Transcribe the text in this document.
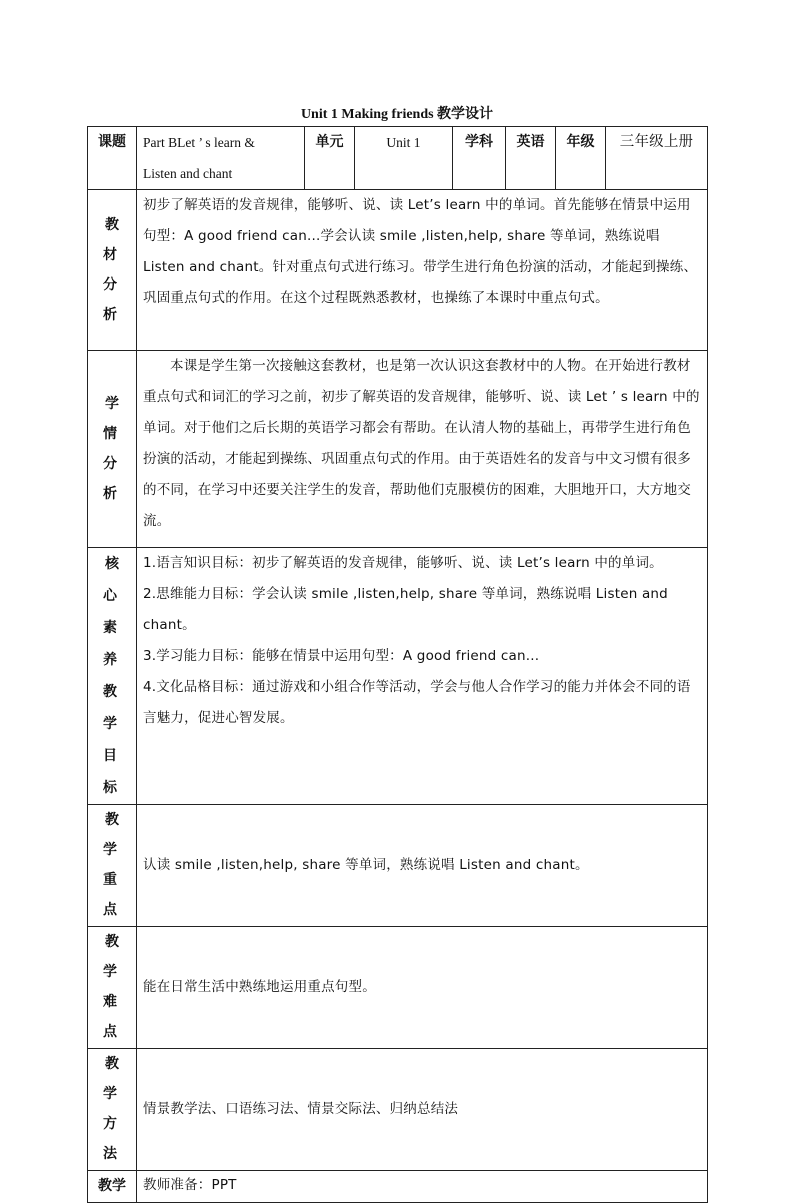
Unit 1 Making friends 教学设计
课题	Part BLet ’ s learn &
Listen and chant	单元	Unit 1	学科	英语	年级	三年级上册
教材分析	初步了解英语的发音规律，能够听、说、读 Let’s learn 中的单词。首先能够在情景中运用句型：A good friend can...学会认读 smile ,listen,help, share 等单词，熟练说唱 Listen and chant。针对重点句式进行练习。带学生进行角色扮演的活动，才能起到操练、巩固重点句式的作用。在这个过程既熟悉教材，也操练了本课时中重点句式。						
学情分析	本课是学生第一次接触这套教材，也是第一次认识这套教材中的人物。在开始进行教材重点句式和词汇的学习之前，初步了解英语的发音规律，能够听、说、读 Let ’ s learn 中的单词。对于他们之后长期的英语学习都会有帮助。在认清人物的基础上，再带学生进行角色扮演的活动，才能起到操练、巩固重点句式的作用。由于英语姓名的发音与中文习惯有很多的不同，在学习中还要关注学生的发音，帮助他们克服模仿的困难，大胆地开口，大方地交流。						
核心素养教学目标	1.语言知识目标：初步了解英语的发音规律，能够听、说、读 Let’s learn 中的单词。
2.思维能力目标：学会认读 smile ,listen,help, share 等单词，熟练说唱 Listen and chant。
3.学习能力目标：能够在情景中运用句型：A good friend can...
4.文化品格目标：通过游戏和小组合作等活动，学会与他人合作学习的能力并体会不同的语言魅力，促进心智发展。						

教学重点	认读 smile ,listen,help, share 等单词，熟练说唱 Listen and chant。						
教学难点	能在日常生活中熟练地运用重点句型。						
教学方法	情景教学法、口语练习法、情景交际法、归纳总结法						
教学	教师准备：PPT						
